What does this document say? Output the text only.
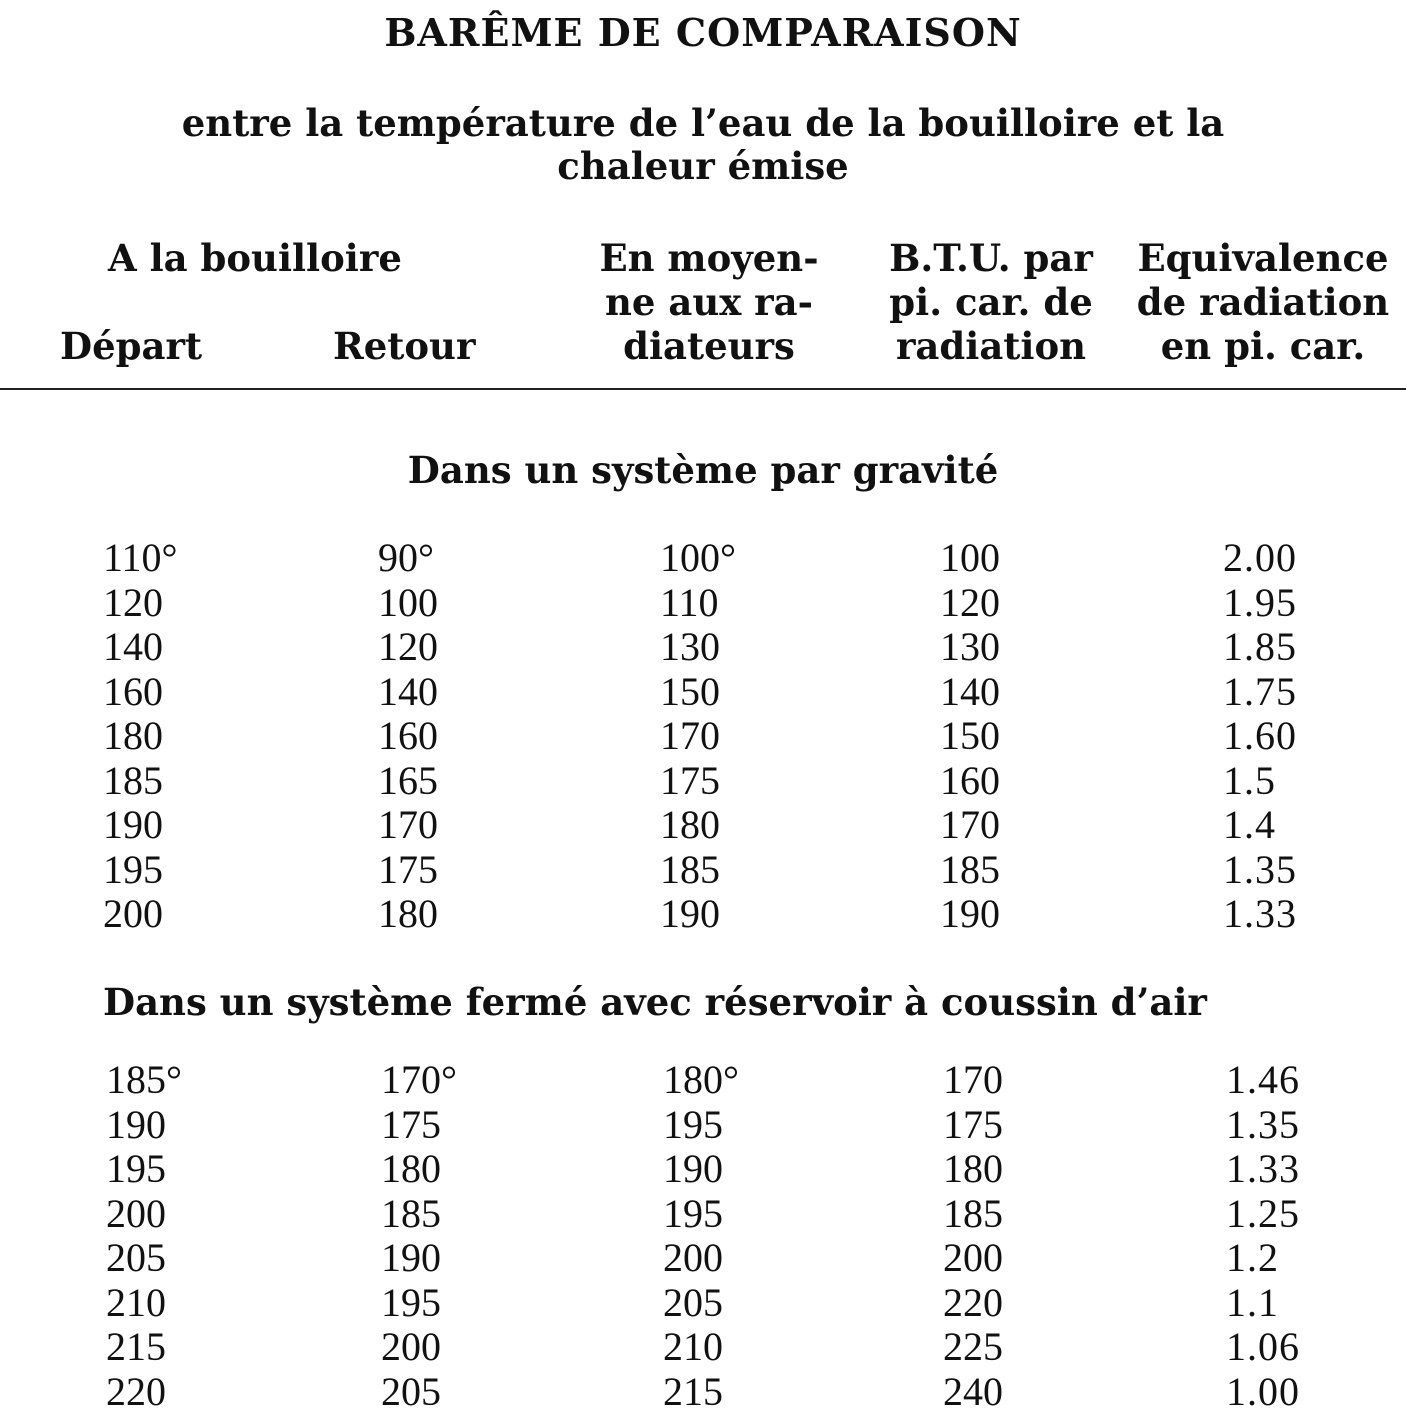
BARÊME DE COMPARAISON
entre la température de l’eau de la bouilloire et la
chaleur émise
A la bouilloire
Départ	Retour
En moyen-
ne aux ra-
diateurs
B.T.U. par
pi. car. de
radiation
Equivalence
de radiation
en pi. car.
Dans un système par gravité
110°	90°	100°	100	2.00
120	100	110	120	1.95
140	120	130	130	1.85
160	140	150	140	1.75
180	160	170	150	1.60
185	165	175	160	1.5
190	170	180	170	1.4
195	175	185	185	1.35
200	180	190	190	1.33
Dans un système fermé avec réservoir à coussin d’air
185°	170°	180°	170	1.46
190	175	195	175	1.35
195	180	190	180	1.33
200	185	195	185	1.25
205	190	200	200	1.2
210	195	205	220	1.1
215	200	210	225	1.06
220	205	215	240	1.00
